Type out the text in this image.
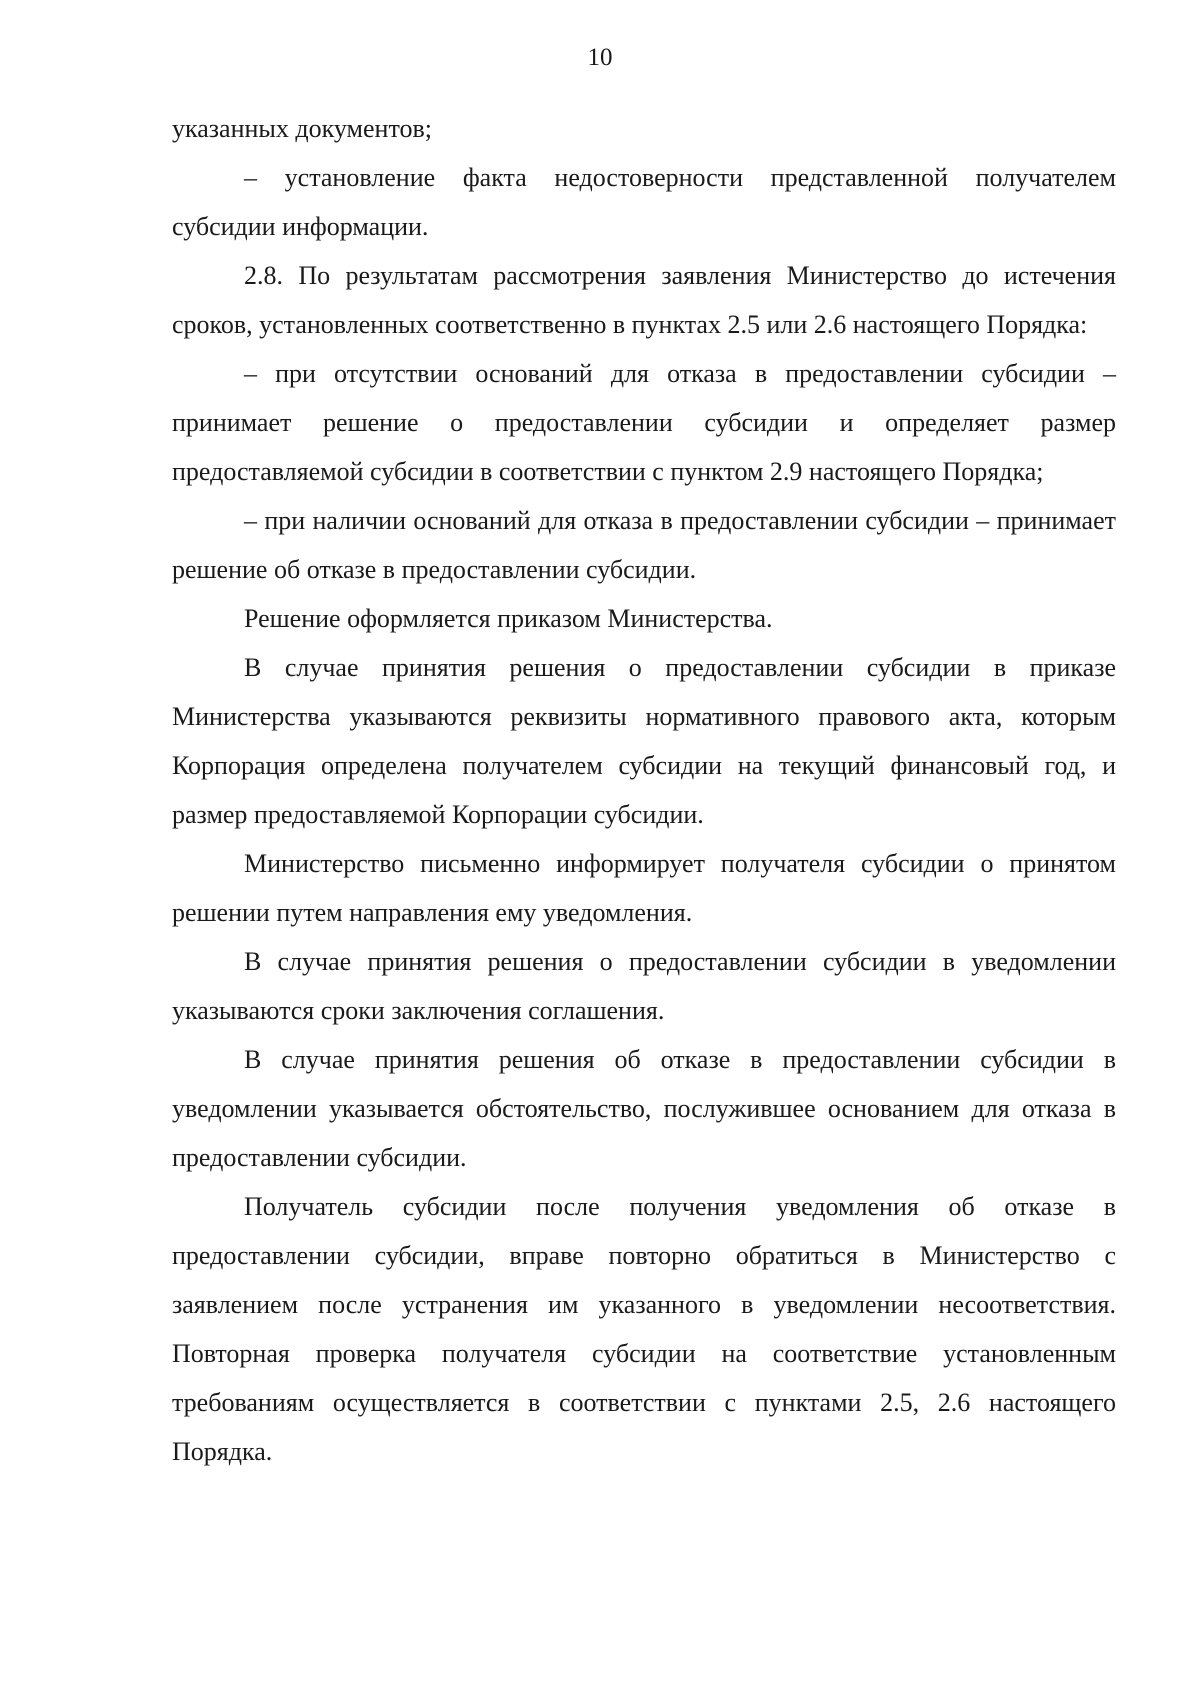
10

указанных документов;

– установление факта недостоверности представленной получателем субсидии информации.

2.8. По результатам рассмотрения заявления Министерство до истечения сроков, установленных соответственно в пунктах 2.5 или 2.6 настоящего Порядка:

– при отсутствии оснований для отказа в предоставлении субсидии – принимает решение о предоставлении субсидии и определяет размер предоставляемой субсидии в соответствии с пунктом 2.9 настоящего Порядка;

– при наличии оснований для отказа в предоставлении субсидии – принимает решение об отказе в предоставлении субсидии.

Решение оформляется приказом Министерства.

В случае принятия решения о предоставлении субсидии в приказе Министерства указываются реквизиты нормативного правового акта, которым Корпорация определена получателем субсидии на текущий финансовый год, и размер предоставляемой Корпорации субсидии.

Министерство письменно информирует получателя субсидии о принятом решении путем направления ему уведомления.

В случае принятия решения о предоставлении субсидии в уведомлении указываются сроки заключения соглашения.

В случае принятия решения об отказе в предоставлении субсидии в уведомлении указывается обстоятельство, послужившее основанием для отказа в предоставлении субсидии.

Получатель субсидии после получения уведомления об отказе в предоставлении субсидии, вправе повторно обратиться в Министерство с заявлением после устранения им указанного в уведомлении несоответствия. Повторная проверка получателя субсидии на соответствие установленным требованиям осуществляется в соответствии с пунктами 2.5, 2.6 настоящего Порядка.
